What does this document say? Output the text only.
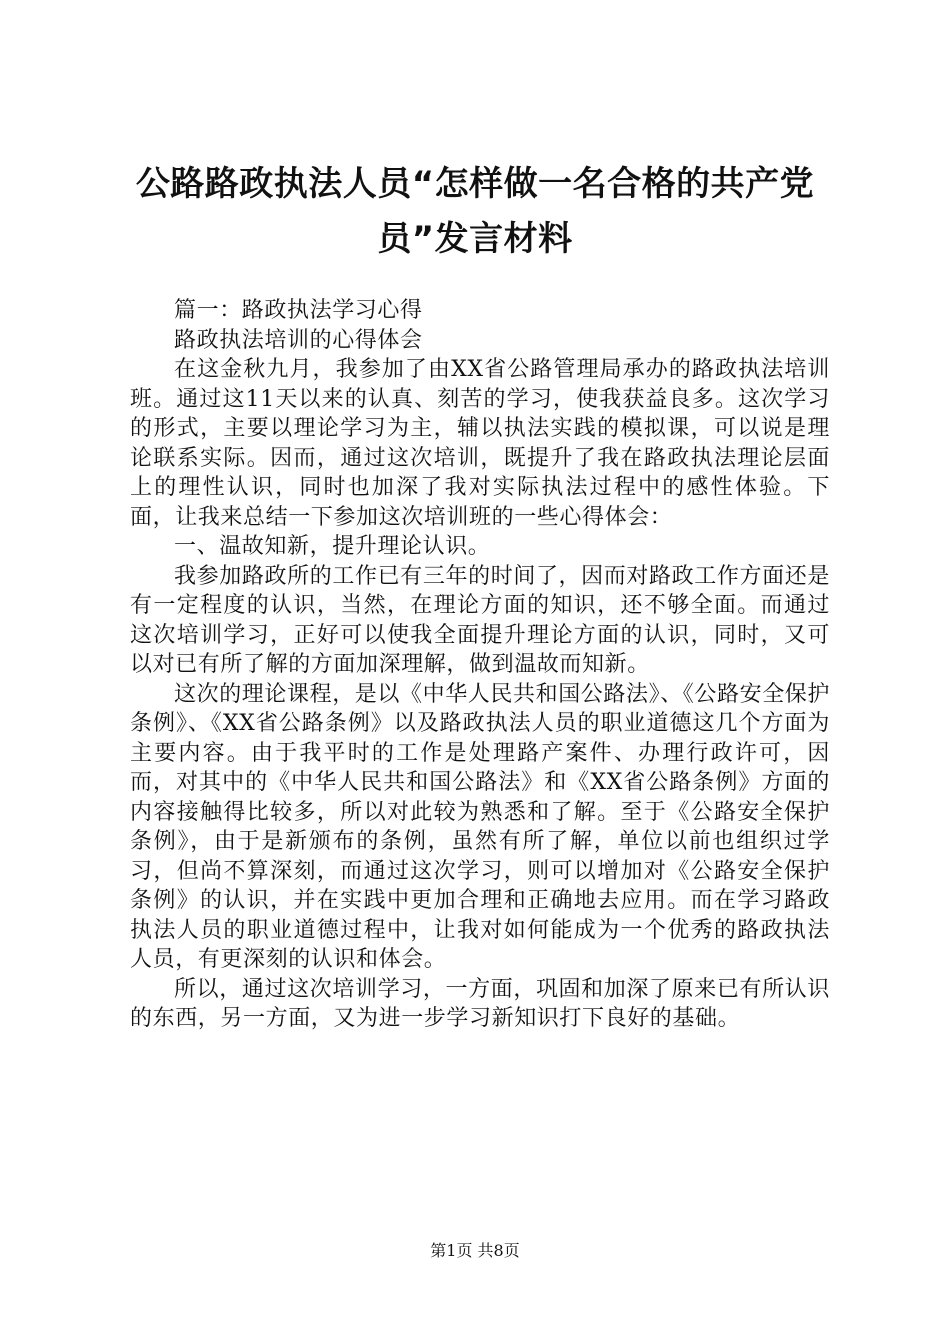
公路路政执法人员“怎样做一名合格的共产党员”发言材料

篇一：路政执法学习心得

路政执法培训的心得体会

在这金秋九月，我参加了由XX省公路管理局承办的路政执法培训班。通过这11天以来的认真、刻苦的学习，使我获益良多。这次学习的形式，主要以理论学习为主，辅以执法实践的模拟课，可以说是理论联系实际。因而，通过这次培训，既提升了我在路政执法理论层面上的理性认识，同时也加深了我对实际执法过程中的感性体验。下面，让我来总结一下参加这次培训班的一些心得体会：

一、温故知新，提升理论认识。

我参加路政所的工作已有三年的时间了，因而对路政工作方面还是有一定程度的认识，当然，在理论方面的知识，还不够全面。而通过这次培训学习，正好可以使我全面提升理论方面的认识，同时，又可以对已有所了解的方面加深理解，做到温故而知新。

这次的理论课程，是以《中华人民共和国公路法》、《公路安全保护条例》、《XX省公路条例》以及路政执法人员的职业道德这几个方面为主要内容。由于我平时的工作是处理路产案件、办理行政许可，因而，对其中的《中华人民共和国公路法》和《XX省公路条例》方面的内容接触得比较多，所以对此较为熟悉和了解。至于《公路安全保护条例》，由于是新颁布的条例，虽然有所了解，单位以前也组织过学习，但尚不算深刻，而通过这次学习，则可以增加对《公路安全保护条例》的认识，并在实践中更加合理和正确地去应用。而在学习路政执法人员的职业道德过程中，让我对如何能成为一个优秀的路政执法人员，有更深刻的认识和体会。

所以，通过这次培训学习，一方面，巩固和加深了原来已有所认识的东西，另一方面，又为进一步学习新知识打下良好的基础。

第1页 共8页
